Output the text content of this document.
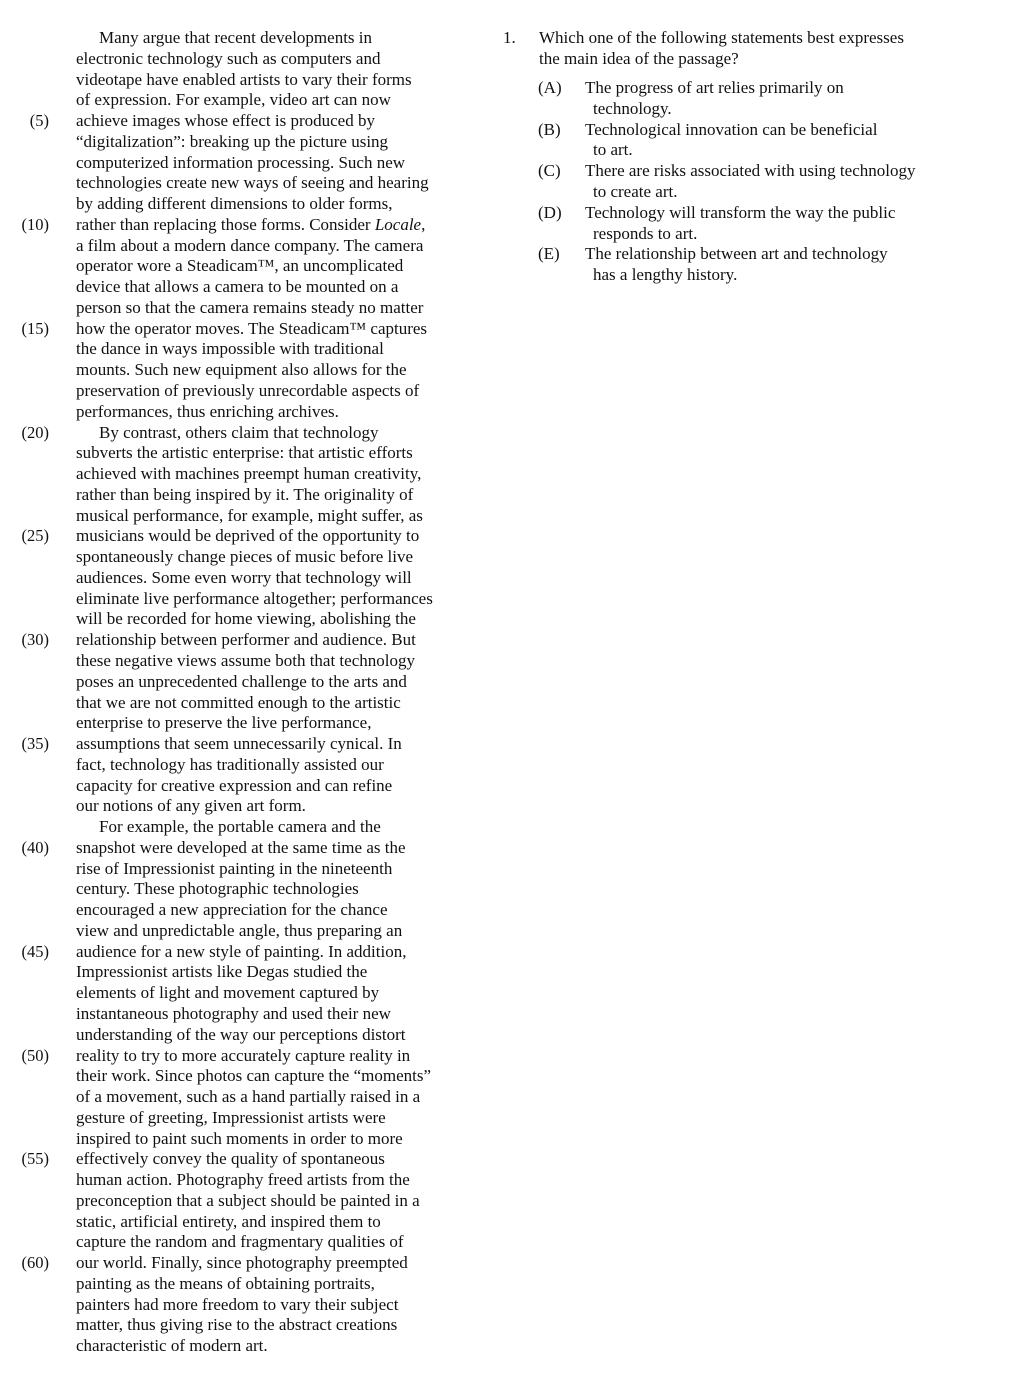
Many argue that recent developments in
electronic technology such as computers and
videotape have enabled artists to vary their forms
of expression. For example, video art can now
(5) achieve images whose effect is produced by
“digitalization”: breaking up the picture using
computerized information processing. Such new
technologies create new ways of seeing and hearing
by adding different dimensions to older forms,
(10) rather than replacing those forms. Consider Locale,
a film about a modern dance company. The camera
operator wore a Steadicam™, an uncomplicated
device that allows a camera to be mounted on a
person so that the camera remains steady no matter
(15) how the operator moves. The Steadicam™ captures
the dance in ways impossible with traditional
mounts. Such new equipment also allows for the
preservation of previously unrecordable aspects of
performances, thus enriching archives.
(20)	By contrast, others claim that technology
subverts the artistic enterprise: that artistic efforts
achieved with machines preempt human creativity,
rather than being inspired by it. The originality of
musical performance, for example, might suffer, as
(25) musicians would be deprived of the opportunity to
spontaneously change pieces of music before live
audiences. Some even worry that technology will
eliminate live performance altogether; performances
will be recorded for home viewing, abolishing the
(30) relationship between performer and audience. But
these negative views assume both that technology
poses an unprecedented challenge to the arts and
that we are not committed enough to the artistic
enterprise to preserve the live performance,
(35) assumptions that seem unnecessarily cynical. In
fact, technology has traditionally assisted our
capacity for creative expression and can refine
our notions of any given art form.
For example, the portable camera and the
(40) snapshot were developed at the same time as the
rise of Impressionist painting in the nineteenth
century. These photographic technologies
encouraged a new appreciation for the chance
view and unpredictable angle, thus preparing an
(45) audience for a new style of painting. In addition,
Impressionist artists like Degas studied the
elements of light and movement captured by
instantaneous photography and used their new
understanding of the way our perceptions distort
(50) reality to try to more accurately capture reality in
their work. Since photos can capture the “moments”
of a movement, such as a hand partially raised in a
gesture of greeting, Impressionist artists were
inspired to paint such moments in order to more
(55) effectively convey the quality of spontaneous
human action. Photography freed artists from the
preconception that a subject should be painted in a
static, artificial entirety, and inspired them to
capture the random and fragmentary qualities of
(60) our world. Finally, since photography preempted
painting as the means of obtaining portraits,
painters had more freedom to vary their subject
matter, thus giving rise to the abstract creations
characteristic of modern art.
1. Which one of the following statements best expresses
the main idea of the passage?
(A) The progress of art relies primarily on
technology.
(B) Technological innovation can be beneficial
to art.
(C) There are risks associated with using technology
to create art.
(D) Technology will transform the way the public
responds to art.
(E) The relationship between art and technology
has a lengthy history.
